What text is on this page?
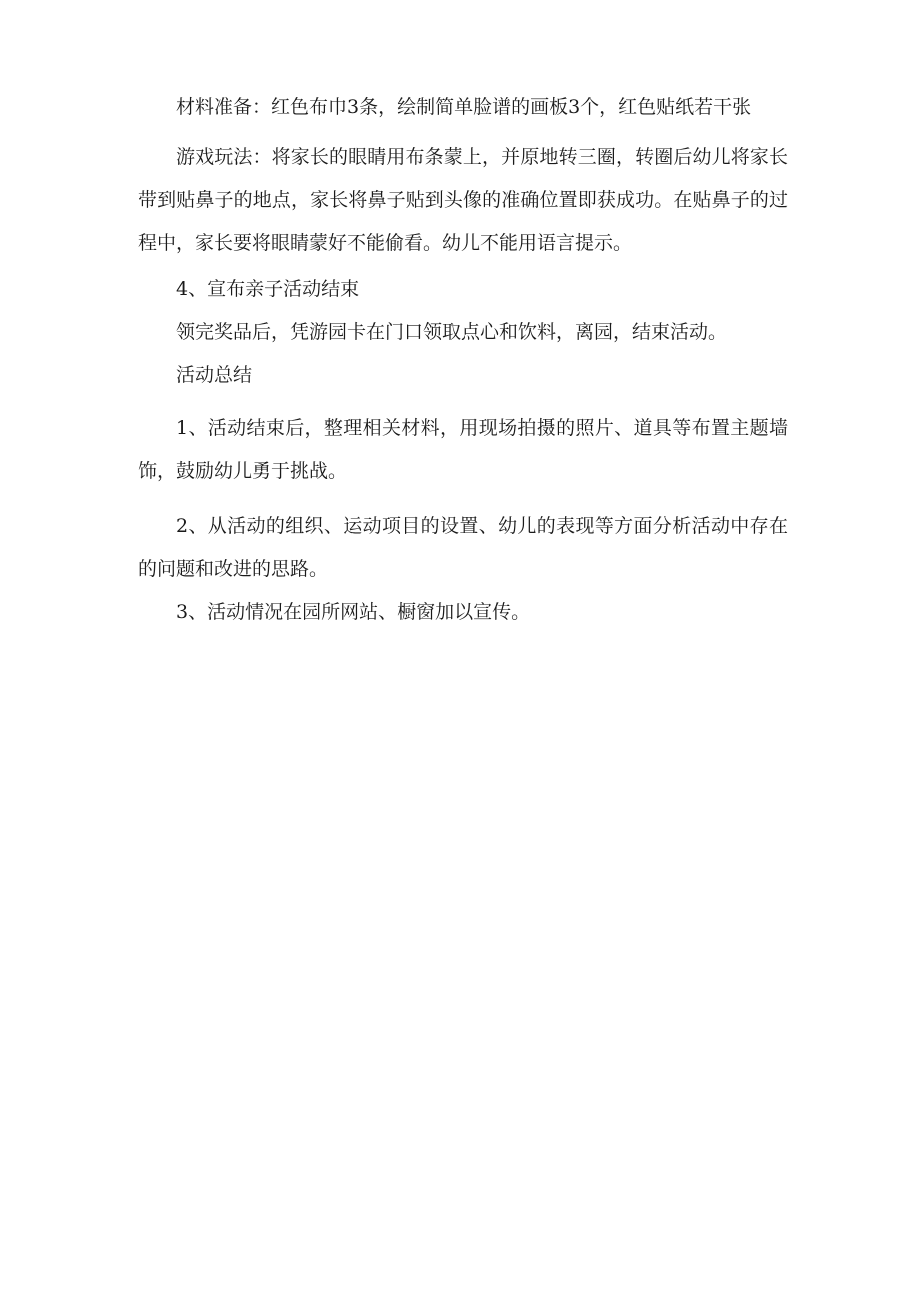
材料准备：红色布巾3条，绘制简单脸谱的画板3个，红色贴纸若干张

游戏玩法：将家长的眼睛用布条蒙上，并原地转三圈，转圈后幼儿将家长带到贴鼻子的地点，家长将鼻子贴到头像的准确位置即获成功。在贴鼻子的过程中，家长要将眼睛蒙好不能偷看。幼儿不能用语言提示。

4、宣布亲子活动结束

领完奖品后，凭游园卡在门口领取点心和饮料，离园，结束活动。

活动总结

1、活动结束后，整理相关材料，用现场拍摄的照片、道具等布置主题墙饰，鼓励幼儿勇于挑战。

2、从活动的组织、运动项目的设置、幼儿的表现等方面分析活动中存在的问题和改进的思路。

3、活动情况在园所网站、橱窗加以宣传。
